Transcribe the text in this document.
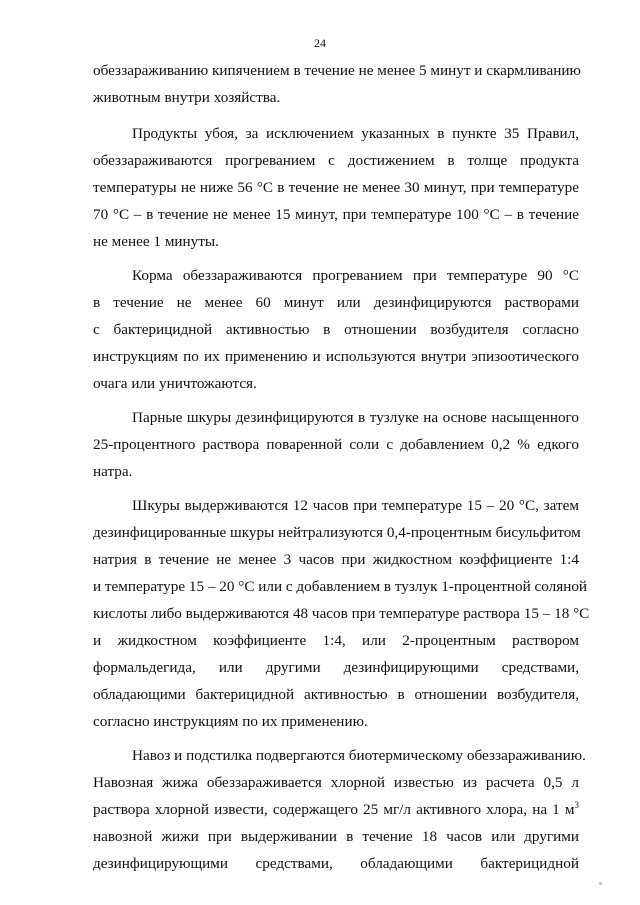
24
обеззараживанию кипячением в течение не менее 5 минут и скармливанию
животным внутри хозяйства.
Продукты убоя, за исключением указанных в пункте 35 Правил,
обеззараживаются прогреванием с достижением в толще продукта
температуры не ниже 56 °С в течение не менее 30 минут, при температуре
70 °С – в течение не менее 15 минут, при температуре 100 °С – в течение
не менее 1 минуты.
Корма обеззараживаются прогреванием при температуре 90 °С
в течение не менее 60 минут или дезинфицируются растворами
с бактерицидной активностью в отношении возбудителя согласно
инструкциям по их применению и используются внутри эпизоотического
очага или уничтожаются.
Парные шкуры дезинфицируются в тузлуке на основе насыщенного
25-процентного раствора поваренной соли с добавлением 0,2 % едкого
натра.
Шкуры выдерживаются 12 часов при температуре 15 – 20 °С, затем
дезинфицированные шкуры нейтрализуются 0,4-процентным бисульфитом
натрия в течение не менее 3 часов при жидкостном коэффициенте 1:4
и температуре 15 – 20 °С или с добавлением в тузлук 1-процентной соляной
кислоты либо выдерживаются 48 часов при температуре раствора 15 – 18 °С
и жидкостном коэффициенте 1:4, или 2-процентным раствором
формальдегида, или другими дезинфицирующими средствами,
обладающими бактерицидной активностью в отношении возбудителя,
согласно инструкциям по их применению.
Навоз и подстилка подвергаются биотермическому обеззараживанию.
Навозная жижа обеззараживается хлорной известью из расчета 0,5 л
раствора хлорной извести, содержащего 25 мг/л активного хлора, на 1 $м^3$
навозной жижи при выдерживании в течение 18 часов или другими
дезинфицирующими средствами, обладающими бактерицидной
